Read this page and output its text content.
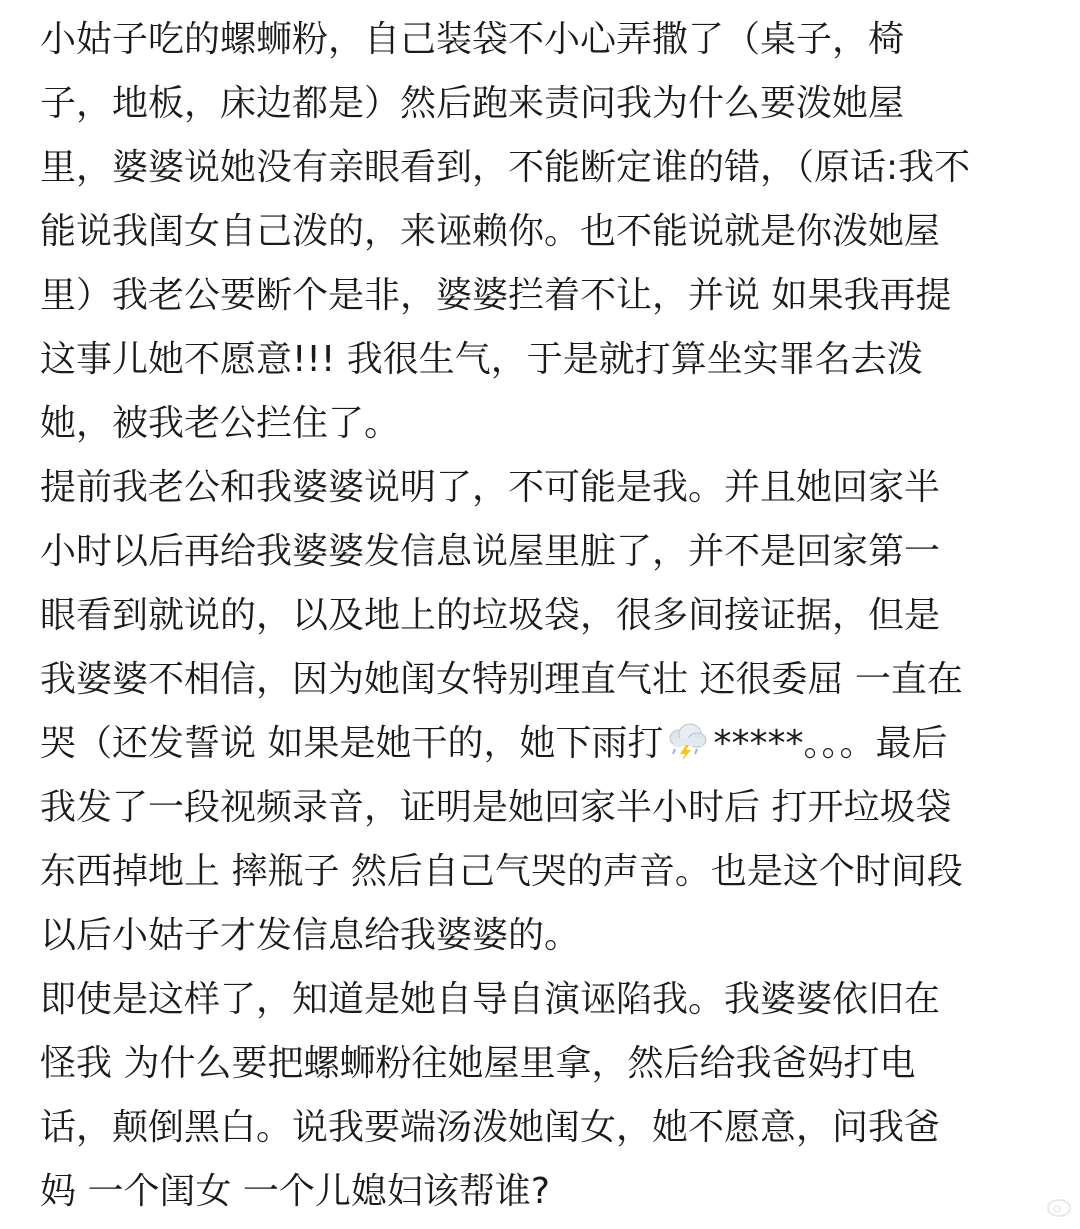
小姑子吃的螺蛳粉，自己装袋不小心弄撒了（桌子，椅
子，地板，床边都是）然后跑来责问我为什么要泼她屋
里，婆婆说她没有亲眼看到，不能断定谁的错，（原话:我不
能说我闺女自己泼的，来诬赖你。也不能说就是你泼她屋
里）我老公要断个是非，婆婆拦着不让，并说 如果我再提
这事儿她不愿意!!! 我很生气，于是就打算坐实罪名去泼
她，被我老公拦住了。
提前我老公和我婆婆说明了，不可能是我。并且她回家半
小时以后再给我婆婆发信息说屋里脏了，并不是回家第一
眼看到就说的，以及地上的垃圾袋，很多间接证据，但是
我婆婆不相信，因为她闺女特别理直气壮 还很委屈 一直在
哭（还发誓说 如果是她干的，她下雨打 *****。。。最后
我发了一段视频录音，证明是她回家半小时后 打开垃圾袋
东西掉地上 摔瓶子 然后自己气哭的声音。也是这个时间段
以后小姑子才发信息给我婆婆的。
即使是这样了，知道是她自导自演诬陷我。我婆婆依旧在
怪我 为什么要把螺蛳粉往她屋里拿，然后给我爸妈打电
话，颠倒黑白。说我要端汤泼她闺女，她不愿意，问我爸
妈 一个闺女 一个儿媳妇该帮谁?
